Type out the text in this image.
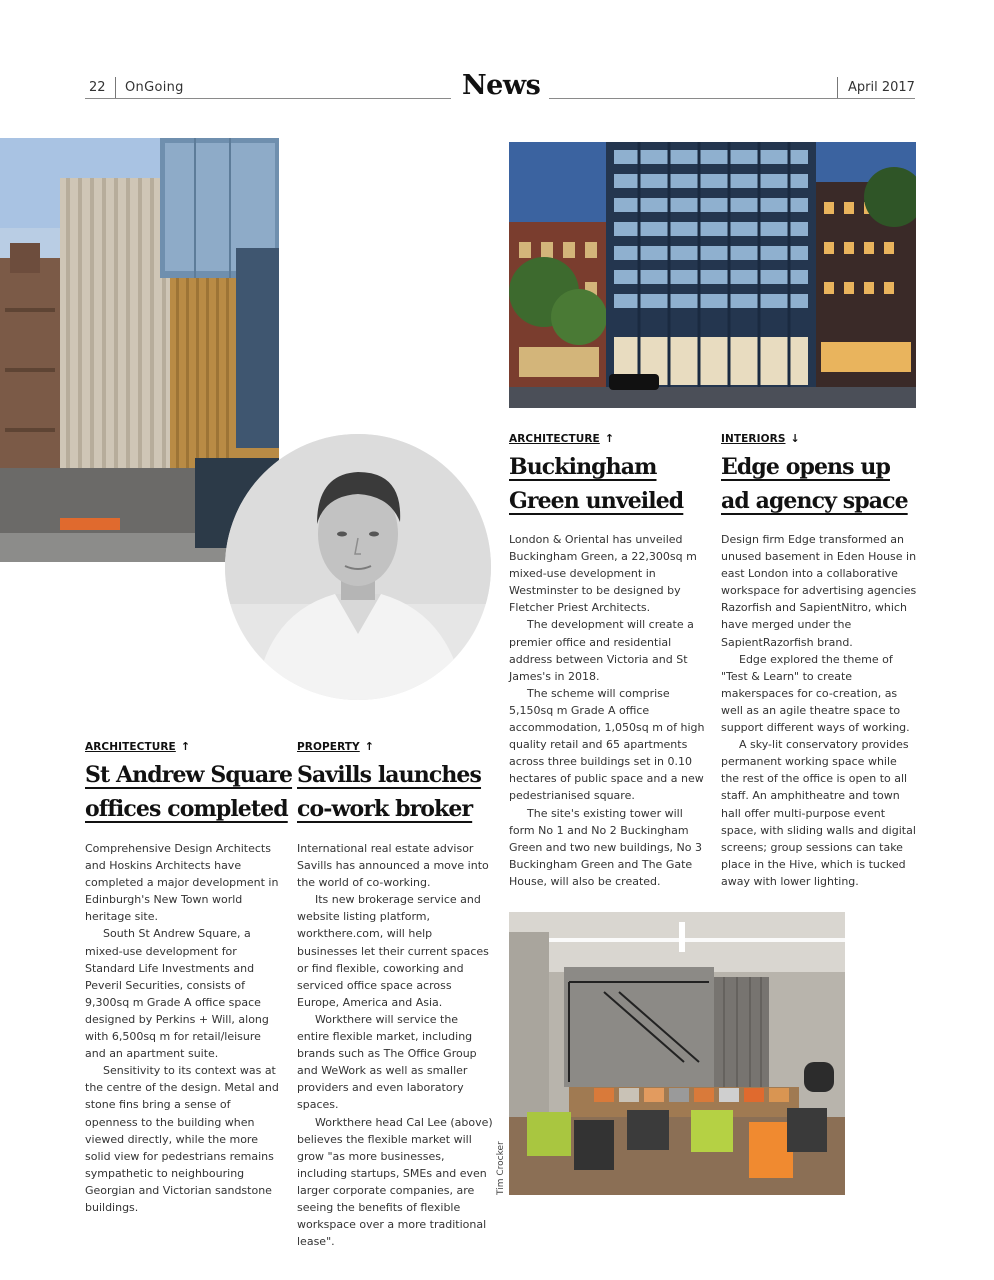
22 OnGoing	News	April 2017
Tim Crocker
ARCHITECTURE ↑
Buckingham
Green unveiled

London & Oriental has unveiled Buckingham Green, a 22,300sq m mixed-use development in Westminster to be designed by Fletcher Priest Architects.

The development will create a premier office and residential address between Victoria and St James's in 2018.

The scheme will comprise 5,150sq m Grade A office accommodation, 1,050sq m of high quality retail and 65 apartments across three buildings set in 0.10 hectares of public space and a new pedestrianised square.

The site's existing tower will form No 1 and No 2 Buckingham Green and two new buildings, No 3 Buckingham Green and The Gate House, will also be created.

INTERIORS ↓
Edge opens up
ad agency space

Design firm Edge transformed an unused basement in Eden House in east London into a collaborative workspace for advertising agencies Razorfish and SapientNitro, which have merged under the SapientRazorfish brand.

Edge explored the theme of "Test & Learn" to create makerspaces for co-creation, as well as an agile theatre space to support different ways of working.

A sky-lit conservatory provides permanent working space while the rest of the office is open to all staff. An amphitheatre and town hall offer multi-purpose event space, with sliding walls and digital screens; group sessions can take place in the Hive, which is tucked away with lower lighting.

ARCHITECTURE ↑
St Andrew Square
offices completed

Comprehensive Design Architects and Hoskins Architects have completed a major development in Edinburgh's New Town world heritage site.

South St Andrew Square, a mixed-use development for Standard Life Investments and Peveril Securities, consists of 9,300sq m Grade A office space designed by Perkins + Will, along with 6,500sq m for retail/leisure and an apartment suite.

Sensitivity to its context was at the centre of the design. Metal and stone fins bring a sense of openness to the building when viewed directly, while the more solid view for pedestrians remains sympathetic to neighbouring Georgian and Victorian sandstone buildings.

PROPERTY ↑
Savills launches
co-work broker

International real estate advisor Savills has announced a move into the world of co-working.

Its new brokerage service and website listing platform, workthere.com, will help businesses let their current spaces or find flexible, coworking and serviced office space across Europe, America and Asia.

Workthere will service the entire flexible market, including brands such as The Office Group and WeWork as well as smaller providers and even laboratory spaces.

Workthere head Cal Lee (above) believes the flexible market will grow "as more businesses, including startups, SMEs and even larger corporate companies, are seeing the benefits of flexible workspace over a more traditional lease".
